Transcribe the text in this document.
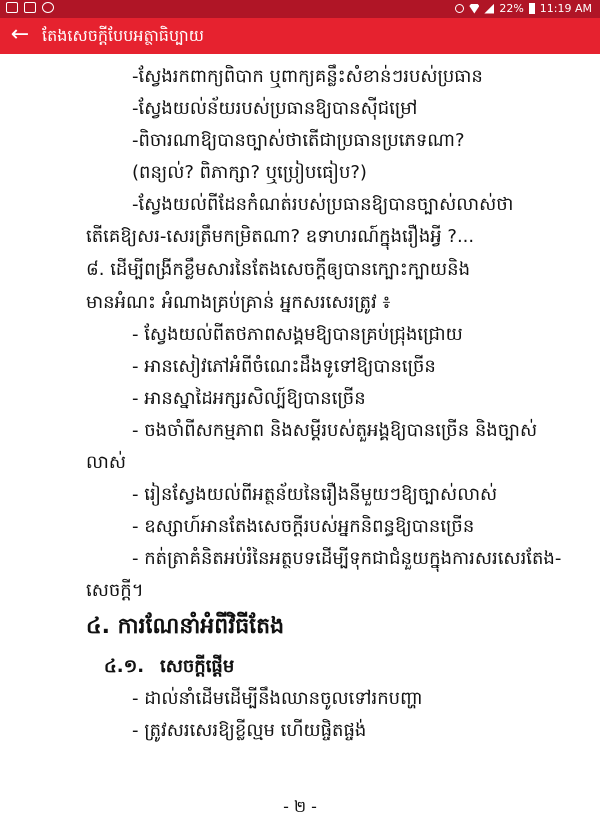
22% 11:19 AM
← តែងសេចក្តីបែបអត្ថាធិប្បាយ
-ស្វែងរកពាក្យពិបាក ឬពាក្យគន្លឹះសំខាន់ៗរបស់ប្រធាន
-ស្វែងយល់ន័យរបស់ប្រធានឱ្យបានស៊ីជម្រៅ
-ពិចារណាឱ្យបានច្បាស់ថាតើជាប្រធានប្រភេទណា?
(ពន្យល់? ពិភាក្សា? ឬប្រៀបធៀប?)
-ស្វែងយល់ពីដែនកំណត់របស់ប្រធានឱ្យបានច្បាស់លាស់ថា
តើគេឱ្យសរ-សេរត្រឹមកម្រិតណា? ឧទាហរណ៍ក្នុងរឿងអ្វី ?...
៨. ដើម្បីពង្រីកខ្លឹមសារនៃតែងសេចក្តីឲ្យបានក្បោះក្បាយនិង
មានអំណះ អំណាងគ្រប់គ្រាន់ អ្នកសរសេរត្រូវ ៖
- ស្វែងយល់ពីតថភាពសង្គមឱ្យបានគ្រប់ជ្រុងជ្រោយ
- អានសៀវភៅអំពីចំណេះដឹងទូទៅឱ្យបានច្រើន
- អានស្នាដៃអក្សរសិល្ប៍ឱ្យបានច្រើន
- ចងចាំពីសកម្មភាព និងសម្តីរបស់តួអង្គឱ្យបានច្រើន និងច្បាស់
លាស់
- រៀនស្វែងយល់ពីអត្ថន័យនៃរឿងនីមួយៗឱ្យច្បាស់លាស់
- ឧស្សាហ៍អានតែងសេចក្តីរបស់អ្នកនិពន្ធឱ្យបានច្រើន
- កត់ត្រាគំនិតអប់រំនៃអត្ថបទដើម្បីទុកជាជំនួយក្នុងការសរសេរតែង-
សេចក្តី។
៤. ការណែនាំអំពីវិធីតែង
៤.១. សេចក្តីផ្តើម
- ដាល់នាំដើមដើម្បីនឹងឈានចូលទៅរកបញ្ហា
- ត្រូវសរសេរឱ្យខ្លីល្មម ហើយផ្ចិតផ្ចង់
- ២ -
